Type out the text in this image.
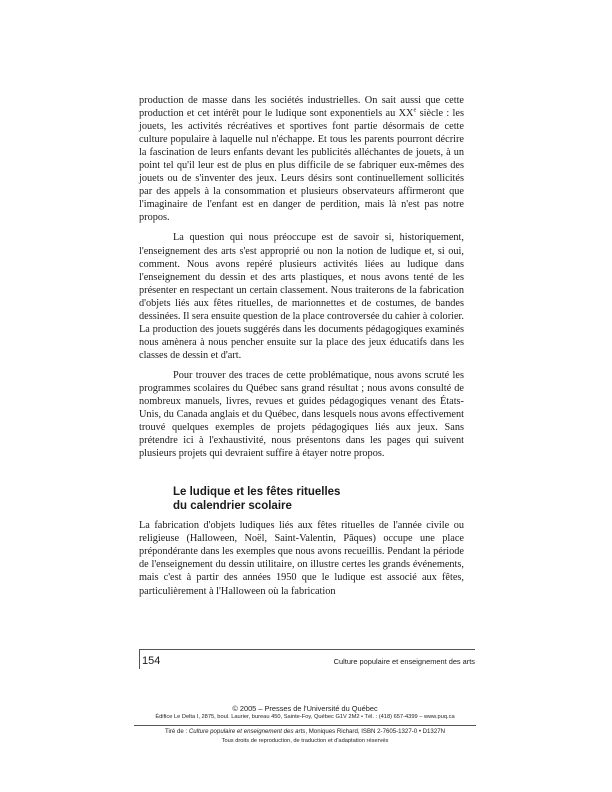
production de masse dans les sociétés industrielles. On sait aussi que cette production et cet intérêt pour le ludique sont exponentiels au XXe siècle : les jouets, les activités récréatives et sportives font partie désormais de cette culture populaire à laquelle nul n'échappe. Et tous les parents pourront décrire la fascination de leurs enfants devant les publicités alléchantes de jouets, à un point tel qu'il leur est de plus en plus difficile de se fabriquer eux-mêmes des jouets ou de s'inventer des jeux. Leurs désirs sont continuellement sollicités par des appels à la consommation et plusieurs observateurs affirmeront que l'imaginaire de l'enfant est en danger de perdition, mais là n'est pas notre propos.

La question qui nous préoccupe est de savoir si, historiquement, l'enseignement des arts s'est approprié ou non la notion de ludique et, si oui, comment. Nous avons repéré plusieurs activités liées au ludique dans l'enseignement du dessin et des arts plastiques, et nous avons tenté de les présenter en respectant un certain classement. Nous traiterons de la fabrication d'objets liés aux fêtes rituelles, de marionnettes et de costumes, de bandes dessinées. Il sera ensuite question de la place controversée du cahier à colorier. La production des jouets suggérés dans les documents pédagogiques examinés nous amènera à nous pencher ensuite sur la place des jeux éducatifs dans les classes de dessin et d'art.

Pour trouver des traces de cette problématique, nous avons scruté les programmes scolaires du Québec sans grand résultat ; nous avons consulté de nombreux manuels, livres, revues et guides pédagogiques venant des États-Unis, du Canada anglais et du Québec, dans lesquels nous avons effectivement trouvé quelques exemples de projets pédagogiques liés aux jeux. Sans prétendre ici à l'exhaustivité, nous présentons dans les pages qui suivent plusieurs projets qui devraient suffire à étayer notre propos.

Le ludique et les fêtes rituelles
du calendrier scolaire

La fabrication d'objets ludiques liés aux fêtes rituelles de l'année civile ou religieuse (Halloween, Noël, Saint-Valentin, Pâques) occupe une place prépondérante dans les exemples que nous avons recueillis. Pendant la période de l'enseignement du dessin utilitaire, on illustre certes les grands événements, mais c'est à partir des années 1950 que le ludique est associé aux fêtes, particulièrement à l'Halloween où la fabrication

154	Culture populaire et enseignement des arts
© 2005 – Presses de l'Université du Québec
Édifice Le Delta I, 2875, boul. Laurier, bureau 450, Sainte-Foy, Québec G1V 2M2 • Tél. : (418) 657-4399 – www.puq.ca
Tiré de : Culture populaire et enseignement des arts, Moniques Richard, ISBN 2-7605-1327-0 • D1327N
Tous droits de reproduction, de traduction et d'adaptation réservés
